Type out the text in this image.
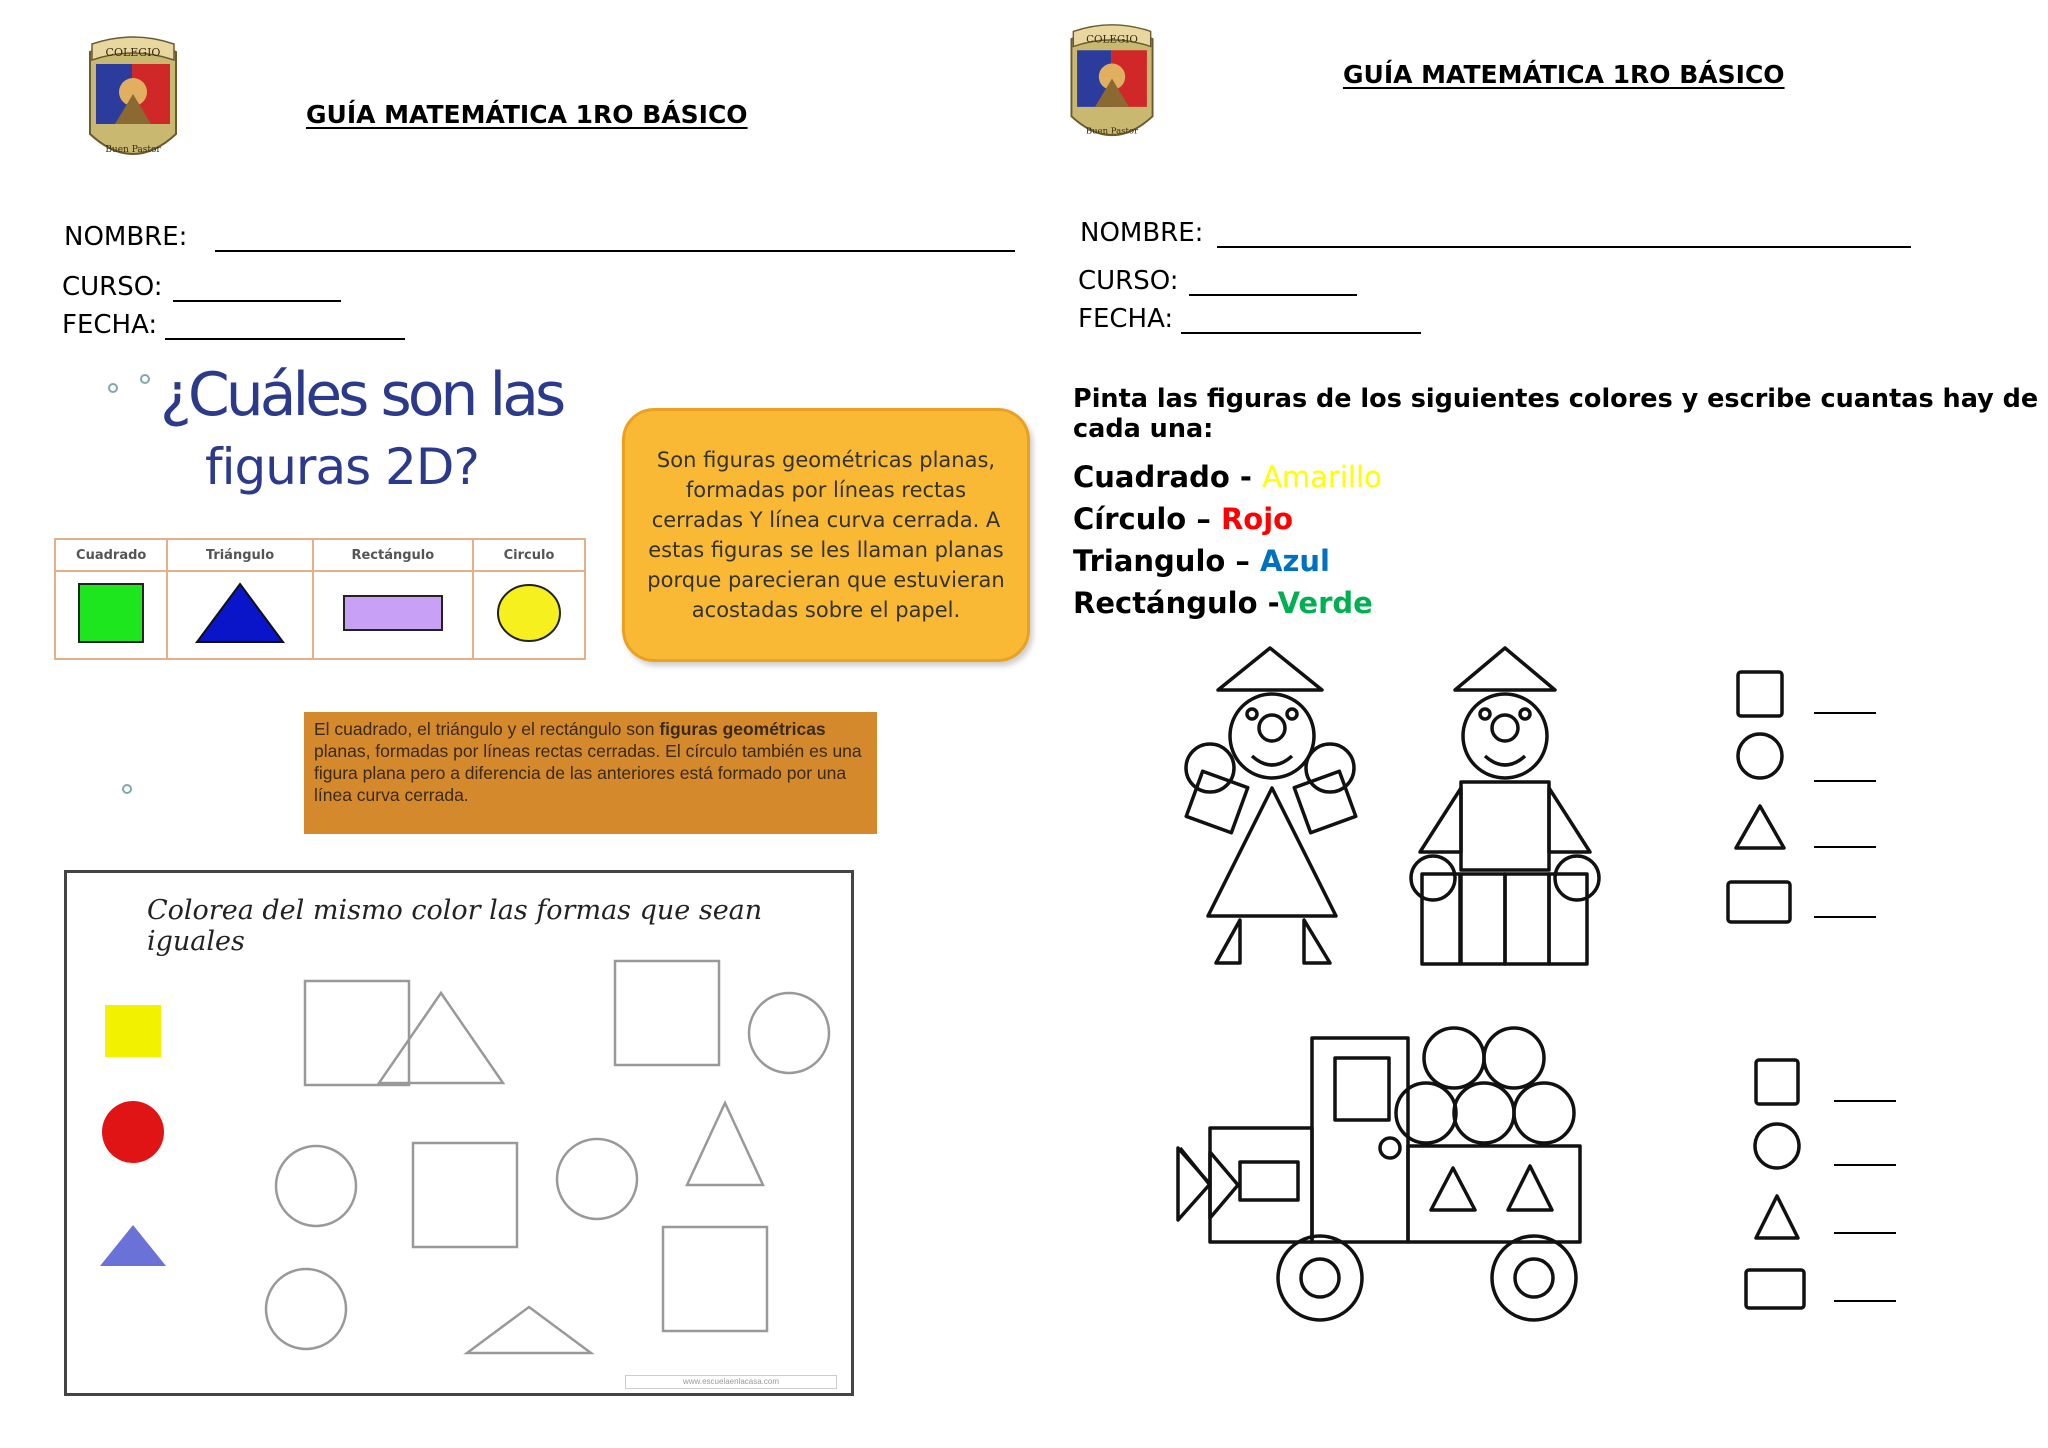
COLEGIO
Buen Pastor
GUÍA MATEMÁTICA 1RO BÁSICO
NOMBRE:
CURSO:
FECHA:
¿Cuáles son las
figuras 2D?
Cuadrado	Triángulo	Rectángulo	Circulo

Son figuras geométricas planas, formadas por líneas rectas cerradas Y línea curva cerrada. A estas figuras se les llaman planas porque parecieran que estuvieran acostadas sobre el papel.
El cuadrado, el triángulo y el rectángulo son figuras geométricas planas, formadas por líneas rectas cerradas. El círculo también es una figura plana pero a diferencia de las anteriores está formado por una línea curva cerrada.
Colorea del mismo color las formas que sean iguales
www.escuelaenlacasa.com
COLEGIO
Buen Pastor
GUÍA MATEMÁTICA 1RO BÁSICO
NOMBRE:
CURSO:
FECHA:
Pinta las figuras de los siguientes colores y escribe cuantas hay de cada una:
Cuadrado - Amarillo
Círculo – Rojo
Triangulo – Azul
Rectángulo -Verde
